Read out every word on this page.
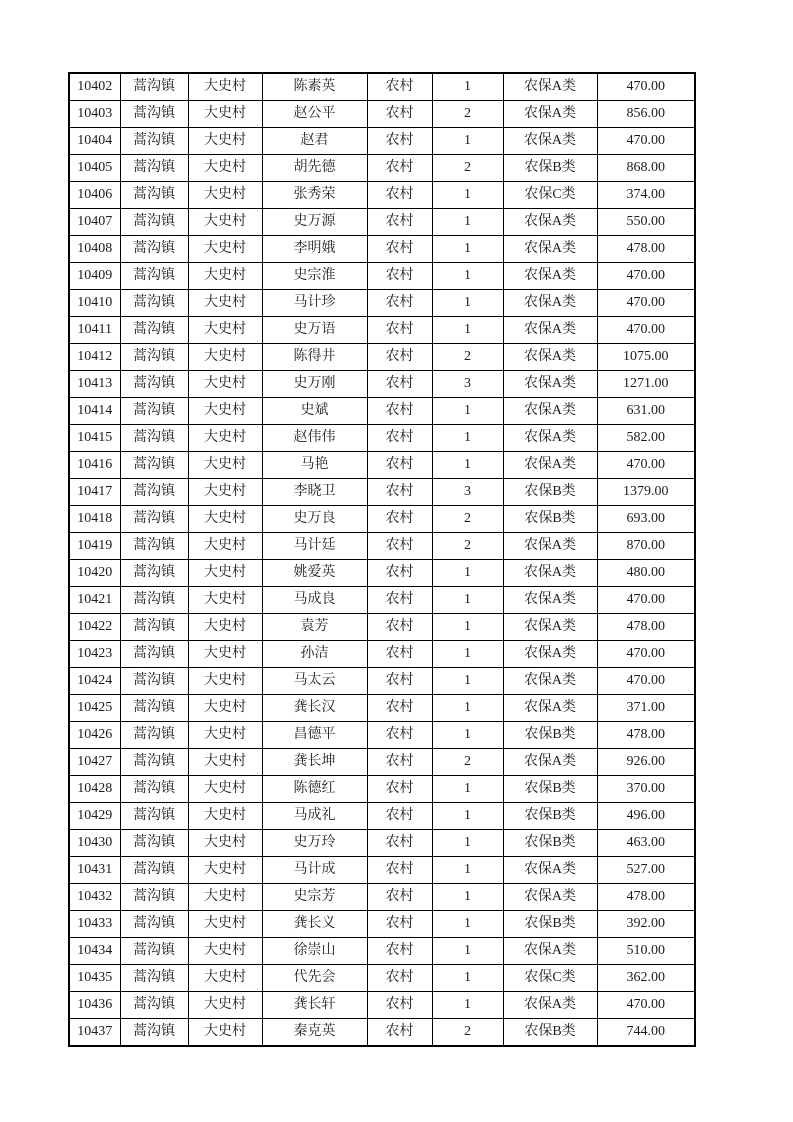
10402	蒿沟镇	大史村	陈素英	农村	1	农保A类	470.00
10403	蒿沟镇	大史村	赵公平	农村	2	农保A类	856.00
10404	蒿沟镇	大史村	赵君	农村	1	农保A类	470.00
10405	蒿沟镇	大史村	胡先德	农村	2	农保B类	868.00
10406	蒿沟镇	大史村	张秀荣	农村	1	农保C类	374.00
10407	蒿沟镇	大史村	史万源	农村	1	农保A类	550.00
10408	蒿沟镇	大史村	李明娥	农村	1	农保A类	478.00
10409	蒿沟镇	大史村	史宗淮	农村	1	农保A类	470.00
10410	蒿沟镇	大史村	马计珍	农村	1	农保A类	470.00
10411	蒿沟镇	大史村	史万语	农村	1	农保A类	470.00
10412	蒿沟镇	大史村	陈得井	农村	2	农保A类	1075.00
10413	蒿沟镇	大史村	史万刚	农村	3	农保A类	1271.00
10414	蒿沟镇	大史村	史斌	农村	1	农保A类	631.00
10415	蒿沟镇	大史村	赵伟伟	农村	1	农保A类	582.00
10416	蒿沟镇	大史村	马艳	农村	1	农保A类	470.00
10417	蒿沟镇	大史村	李晓卫	农村	3	农保B类	1379.00
10418	蒿沟镇	大史村	史万良	农村	2	农保B类	693.00
10419	蒿沟镇	大史村	马计廷	农村	2	农保A类	870.00
10420	蒿沟镇	大史村	姚爱英	农村	1	农保A类	480.00
10421	蒿沟镇	大史村	马成良	农村	1	农保A类	470.00
10422	蒿沟镇	大史村	袁芳	农村	1	农保A类	478.00
10423	蒿沟镇	大史村	孙洁	农村	1	农保A类	470.00
10424	蒿沟镇	大史村	马太云	农村	1	农保A类	470.00
10425	蒿沟镇	大史村	龚长汉	农村	1	农保A类	371.00
10426	蒿沟镇	大史村	昌德平	农村	1	农保B类	478.00
10427	蒿沟镇	大史村	龚长坤	农村	2	农保A类	926.00
10428	蒿沟镇	大史村	陈德红	农村	1	农保B类	370.00
10429	蒿沟镇	大史村	马成礼	农村	1	农保B类	496.00
10430	蒿沟镇	大史村	史万玲	农村	1	农保B类	463.00
10431	蒿沟镇	大史村	马计成	农村	1	农保A类	527.00
10432	蒿沟镇	大史村	史宗芳	农村	1	农保A类	478.00
10433	蒿沟镇	大史村	龚长义	农村	1	农保B类	392.00
10434	蒿沟镇	大史村	徐崇山	农村	1	农保A类	510.00
10435	蒿沟镇	大史村	代先会	农村	1	农保C类	362.00
10436	蒿沟镇	大史村	龚长轩	农村	1	农保A类	470.00
10437	蒿沟镇	大史村	秦克英	农村	2	农保B类	744.00
